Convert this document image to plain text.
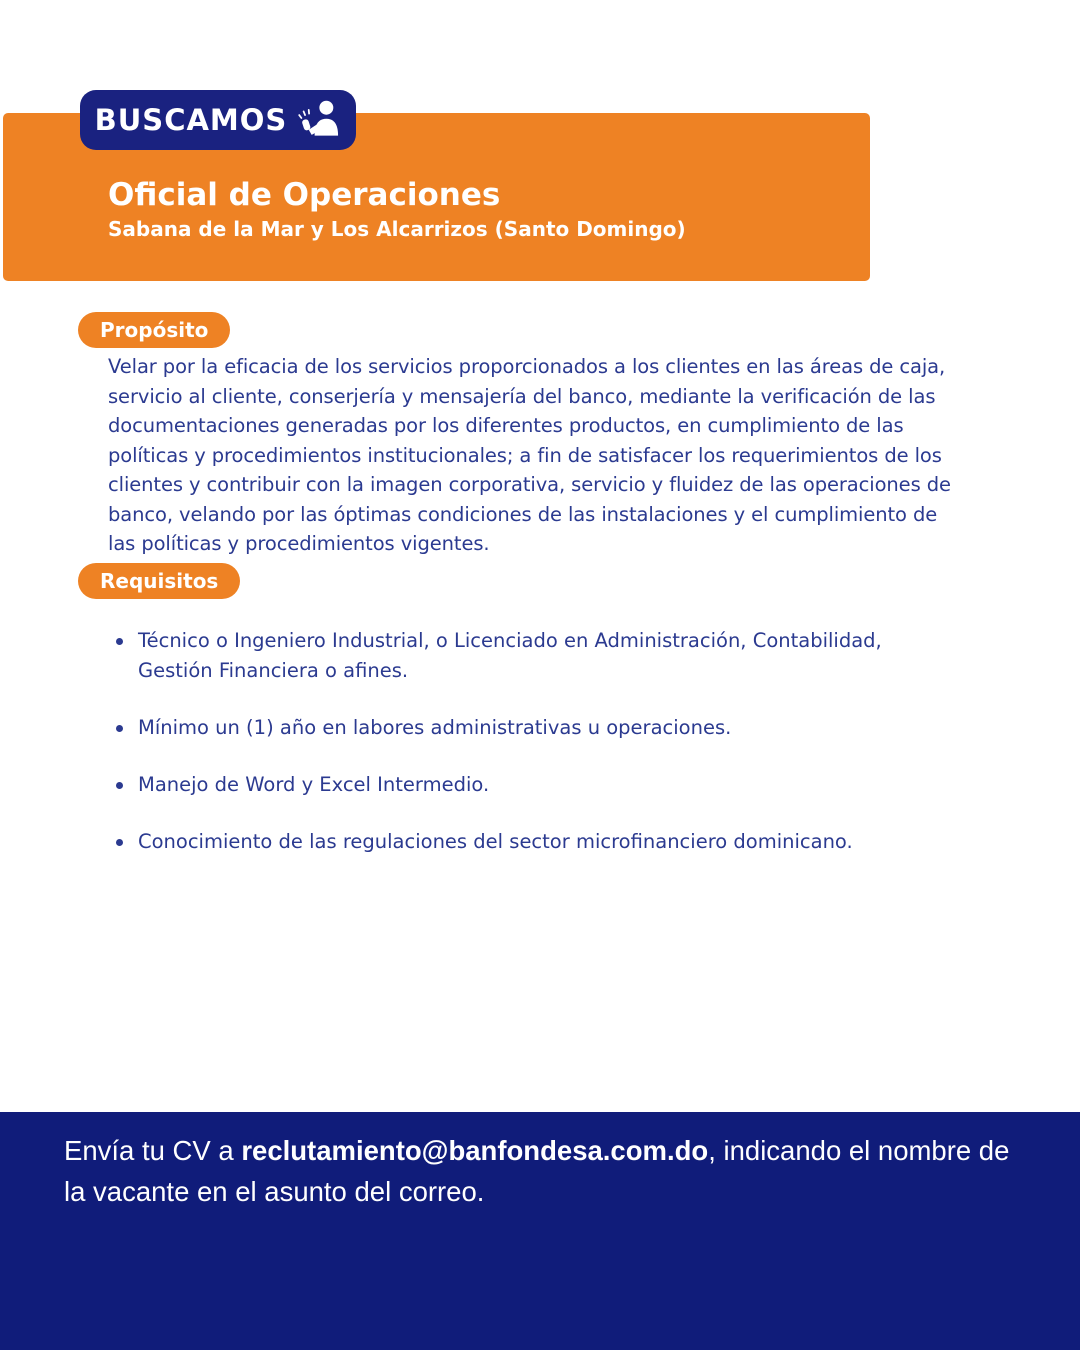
BUSCAMOS
Oficial de Operaciones
Sabana de la Mar y Los Alcarrizos (Santo Domingo)
Propósito
Velar por la eficacia de los servicios proporcionados a los clientes en las áreas de caja, servicio al cliente, conserjería y mensajería del banco, mediante la verificación de las documentaciones generadas por los diferentes productos, en cumplimiento de las políticas y procedimientos institucionales; a fin de satisfacer los requerimientos de los clientes y contribuir con la imagen corporativa, servicio y fluidez de las operaciones de banco, velando por las óptimas condiciones de las instalaciones y el cumplimiento de las políticas y procedimientos vigentes.
Requisitos
Técnico o Ingeniero Industrial, o Licenciado en Administración, Contabilidad, Gestión Financiera o afines.
Mínimo un (1) año en labores administrativas u operaciones.
Manejo de Word y Excel Intermedio.
Conocimiento de las regulaciones del sector microfinanciero dominicano.
Envía tu CV a reclutamiento@banfondesa.com.do, indicando el nombre de la vacante en el asunto del correo.
